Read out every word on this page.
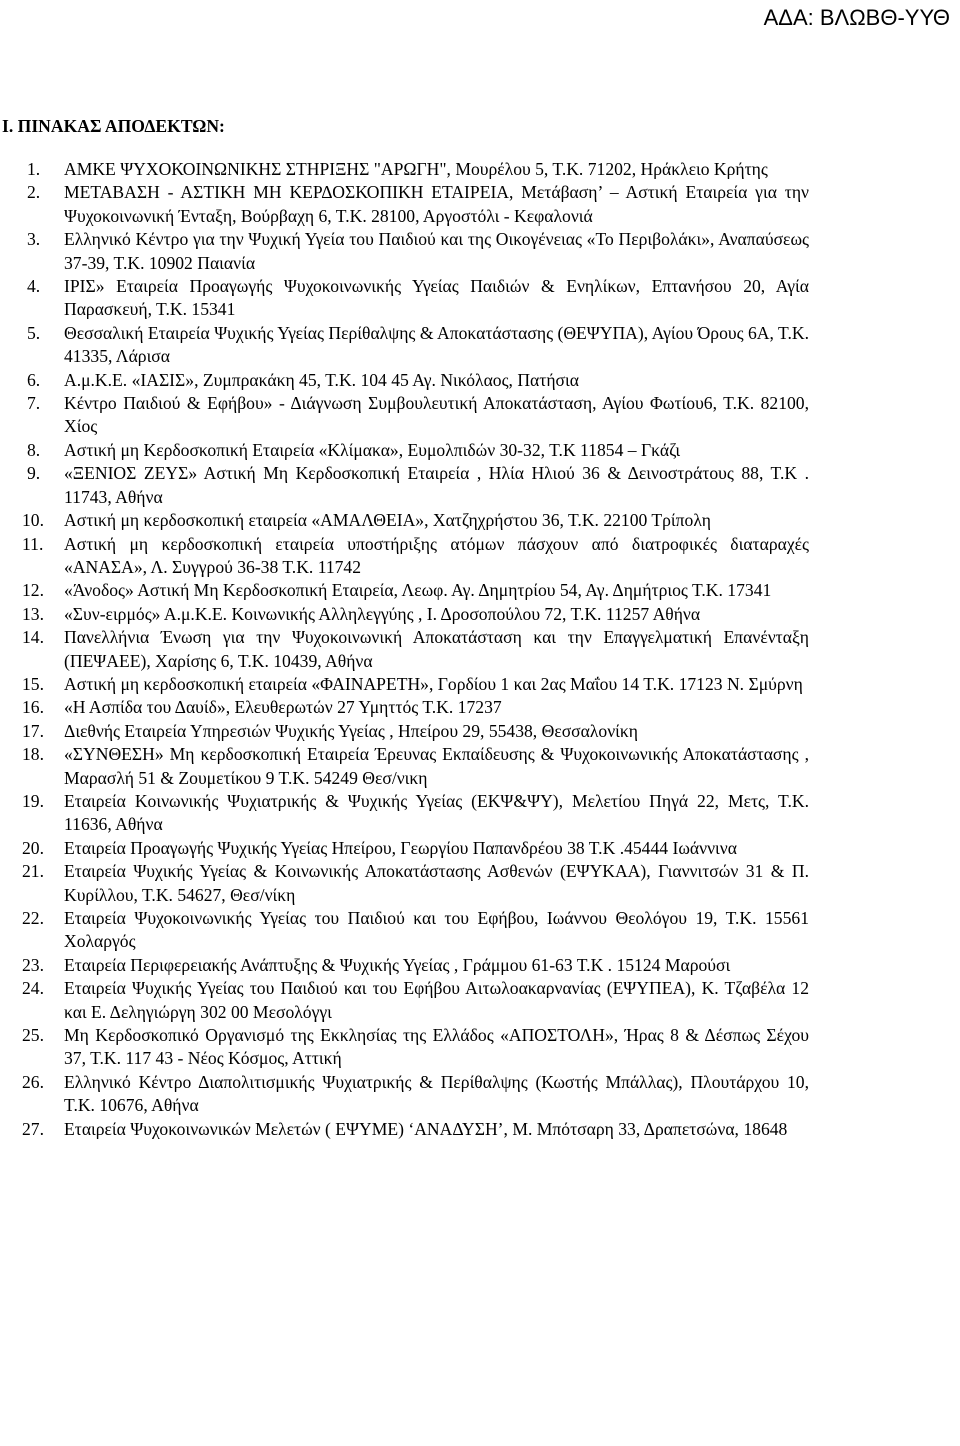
ΑΔΑ: ΒΛΩΒΘ-ΥΥΘ
Ι. ΠΙΝΑΚΑΣ ΑΠΟΔΕΚΤΩΝ:
1. ΑΜΚΕ ΨΥΧΟΚΟΙΝΩΝΙΚΗΣ ΣΤΗΡΙΞΗΣ "ΑΡΩΓΗ", Μουρέλου 5, Τ.Κ. 71202, Ηράκλειο Κρήτης
2. ΜΕΤΑΒΑΣΗ - ΑΣΤΙΚΗ ΜΗ ΚΕΡΔΟΣΚΟΠΙΚΗ ΕΤΑΙΡΕΙΑ, Μετάβαση’ – Αστική Εταιρεία για την Ψυχοκοινωνική Ένταξη, Βούρβαχη 6, Τ.Κ. 28100, Αργοστόλι - Κεφαλονιά
3. Ελληνικό Κέντρο για την Ψυχική Υγεία του Παιδιού και της Οικογένειας «Το Περιβολάκι», Αναπαύσεως 37-39, Τ.Κ. 10902 Παιανία
4. ΙΡΙΣ» Εταιρεία Προαγωγής Ψυχοκοινωνικής Υγείας Παιδιών & Ενηλίκων, Επτανήσου 20, Αγία Παρασκευή, Τ.Κ. 15341
5. Θεσσαλική Εταιρεία Ψυχικής Υγείας Περίθαλψης & Αποκατάστασης (ΘΕΨΥΠΑ), Αγίου Όρους 6Α, Τ.Κ. 41335, Λάρισα
6. Α.μ.Κ.Ε. «ΙΑΣΙΣ», Ζυμπρακάκη 45, Τ.Κ. 104 45 Αγ. Νικόλαος, Πατήσια
7. Κέντρο Παιδιού & Εφήβου» - Διάγνωση Συμβουλευτική Αποκατάσταση, Αγίου Φωτίου6, Τ.Κ. 82100, Χίος
8. Αστική μη Κερδοσκοπική Εταιρεία «Κλίμακα», Ευμολπιδών 30-32, Τ.Κ 11854 – Γκάζι
9. «ΞΕΝΙΟΣ ΖΕΥΣ» Αστική Μη Κερδοσκοπική Εταιρεία , Ηλία Ηλιού 36 & Δεινοστράτους 88, Τ.Κ . 11743, Αθήνα
10. Αστική μη κερδοσκοπική εταιρεία «ΑΜΑΛΘΕΙΑ», Χατζηχρήστου 36, Τ.Κ. 22100 Τρίπολη
11. Αστική μη κερδοσκοπική εταιρεία υποστήριξης ατόμων πάσχουν από διατροφικές διαταραχές «ΑΝΑΣΑ», Λ. Συγγρού 36-38 Τ.Κ. 11742
12. «Άνοδος» Αστική Μη Κερδοσκοπική Εταιρεία, Λεωφ. Αγ. Δημητρίου 54, Αγ. Δημήτριος Τ.Κ. 17341
13. «Συν-ειρμός» Α.μ.Κ.Ε. Κοινωνικής Αλληλεγγύης , Ι. Δροσοπούλου 72, Τ.Κ. 11257 Αθήνα
14. Πανελλήνια Ένωση για την Ψυχοκοινωνική Αποκατάσταση και την Επαγγελματική Επανένταξη (ΠΕΨΑΕΕ), Χαρίσης 6, Τ.Κ. 10439, Αθήνα
15. Αστική μη κερδοσκοπική εταιρεία «ΦΑΙΝΑΡΕΤΗ», Γορδίου 1 και 2ας Μαΐου 14 Τ.Κ. 17123 Ν. Σμύρνη
16. «Η Ασπίδα του Δαυίδ», Ελευθερωτών 27 Υμηττός Τ.Κ. 17237
17. Διεθνής Εταιρεία Υπηρεσιών Ψυχικής Υγείας , Ηπείρου 29, 55438, Θεσσαλονίκη
18. «ΣΥΝΘΕΣΗ» Μη κερδοσκοπική Εταιρεία Έρευνας Εκπαίδευσης & Ψυχοκοινωνικής Αποκατάστασης , Μαρασλή 51 & Ζουμετίκου 9 Τ.Κ. 54249 Θεσ/νικη
19. Εταιρεία Κοινωνικής Ψυχιατρικής & Ψυχικής Υγείας (ΕΚΨ&ΨΥ), Μελετίου Πηγά 22, Μετς, Τ.Κ. 11636, Αθήνα
20. Εταιρεία Προαγωγής Ψυχικής Υγείας Ηπείρου, Γεωργίου Παπανδρέου 38 Τ.Κ .45444 Ιωάννινα
21. Εταιρεία Ψυχικής Υγείας & Κοινωνικής Αποκατάστασης Ασθενών (ΕΨΥΚΑΑ), Γιαννιτσών 31 & Π. Κυρίλλου, Τ.Κ. 54627, Θεσ/νίκη
22. Εταιρεία Ψυχοκοινωνικής Υγείας του Παιδιού και του Εφήβου, Ιωάννου Θεολόγου 19, Τ.Κ. 15561 Χολαργός
23. Εταιρεία Περιφερειακής Ανάπτυξης & Ψυχικής Υγείας , Γράμμου 61-63 Τ.Κ . 15124 Μαρούσι
24. Εταιρεία Ψυχικής Υγείας του Παιδιού και του Εφήβου Αιτωλοακαρνανίας (ΕΨΥΠΕΑ), Κ. Τζαβέλα 12 και Ε. Δεληγιώργη 302 00 Μεσολόγγι
25. Μη Κερδοσκοπικό Οργανισμό της Εκκλησίας της Ελλάδος «ΑΠΟΣΤΟΛΗ», Ήρας 8 & Δέσπως Σέχου 37, Τ.Κ. 117 43 - Νέος Κόσμος, Αττική
26. Ελληνικό Κέντρο Διαπολιτισμικής Ψυχιατρικής & Περίθαλψης (Κωστής Μπάλλας), Πλουτάρχου 10, Τ.Κ. 10676, Αθήνα
27. Εταιρεία Ψυχοκοινωνικών Μελετών ( ΕΨΥΜΕ) ‘ΑΝΑΔΥΣΗ’, Μ. Μπότσαρη 33, Δραπετσώνα, 18648
